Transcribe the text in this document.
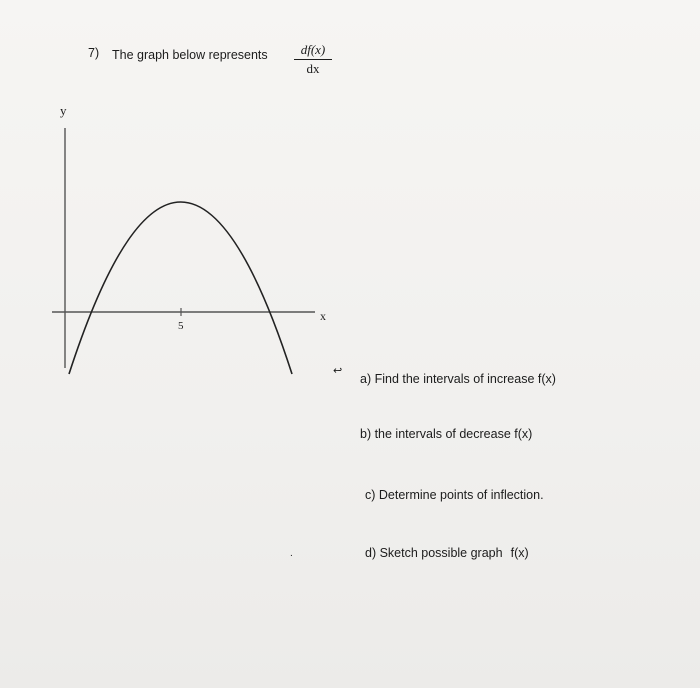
7) The graph below represents	df(x)
dx
y
x
5
↩
.
a) Find the intervals of increase f(x)
b) the intervals of decrease f(x)
c) Determine points of inflection.
d) Sketch possible graph f(x)
